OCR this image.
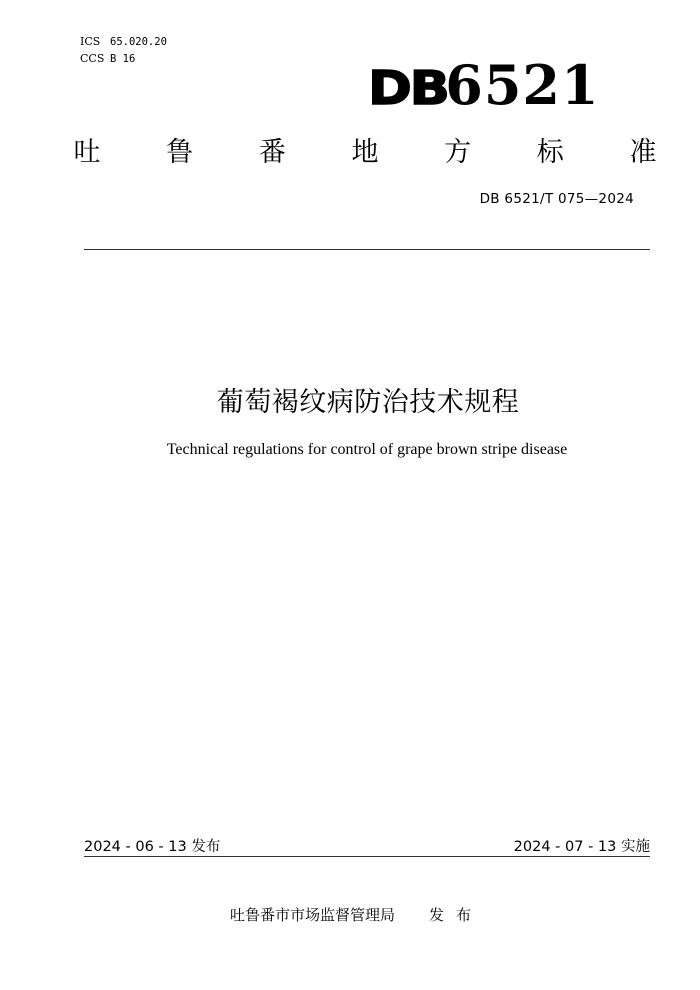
ICS 65.020.20
CCS B 16
DB6521
吐 鲁 番 地 方 标 准
DB 6521/T 075—2024
葡萄褐纹病防治技术规程
Technical regulations for control of grape brown stripe disease
2024 - 06 - 13 发布	2024 - 07 - 13 实施
吐鲁番市市场监督管理局 发布
